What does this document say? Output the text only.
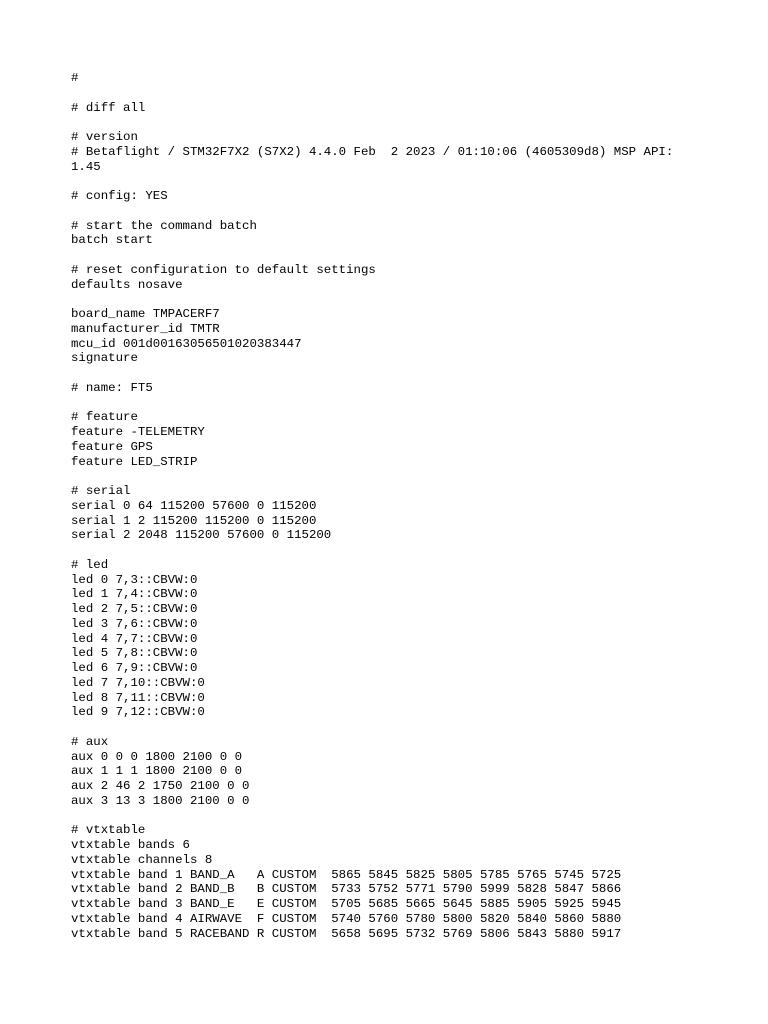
#
# diff all
# version
# Betaflight / STM32F7X2 (S7X2) 4.4.0 Feb  2 2023 / 01:10:06 (4605309d8) MSP API:
1.45
# config: YES
# start the command batch
batch start
# reset configuration to default settings
defaults nosave
board_name TMPACERF7
manufacturer_id TMTR
mcu_id 001d00163056501020383447
signature
# name: FT5
# feature
feature -TELEMETRY
feature GPS
feature LED_STRIP
# serial
serial 0 64 115200 57600 0 115200
serial 1 2 115200 115200 0 115200
serial 2 2048 115200 57600 0 115200
# led
led 0 7,3::CBVW:0
led 1 7,4::CBVW:0
led 2 7,5::CBVW:0
led 3 7,6::CBVW:0
led 4 7,7::CBVW:0
led 5 7,8::CBVW:0
led 6 7,9::CBVW:0
led 7 7,10::CBVW:0
led 8 7,11::CBVW:0
led 9 7,12::CBVW:0
# aux
aux 0 0 0 1800 2100 0 0
aux 1 1 1 1800 2100 0 0
aux 2 46 2 1750 2100 0 0
aux 3 13 3 1800 2100 0 0
# vtxtable
vtxtable bands 6
vtxtable channels 8
vtxtable band 1 BAND_A   A CUSTOM  5865 5845 5825 5805 5785 5765 5745 5725
vtxtable band 2 BAND_B   B CUSTOM  5733 5752 5771 5790 5999 5828 5847 5866
vtxtable band 3 BAND_E   E CUSTOM  5705 5685 5665 5645 5885 5905 5925 5945
vtxtable band 4 AIRWAVE  F CUSTOM  5740 5760 5780 5800 5820 5840 5860 5880
vtxtable band 5 RACEBAND R CUSTOM  5658 5695 5732 5769 5806 5843 5880 5917
